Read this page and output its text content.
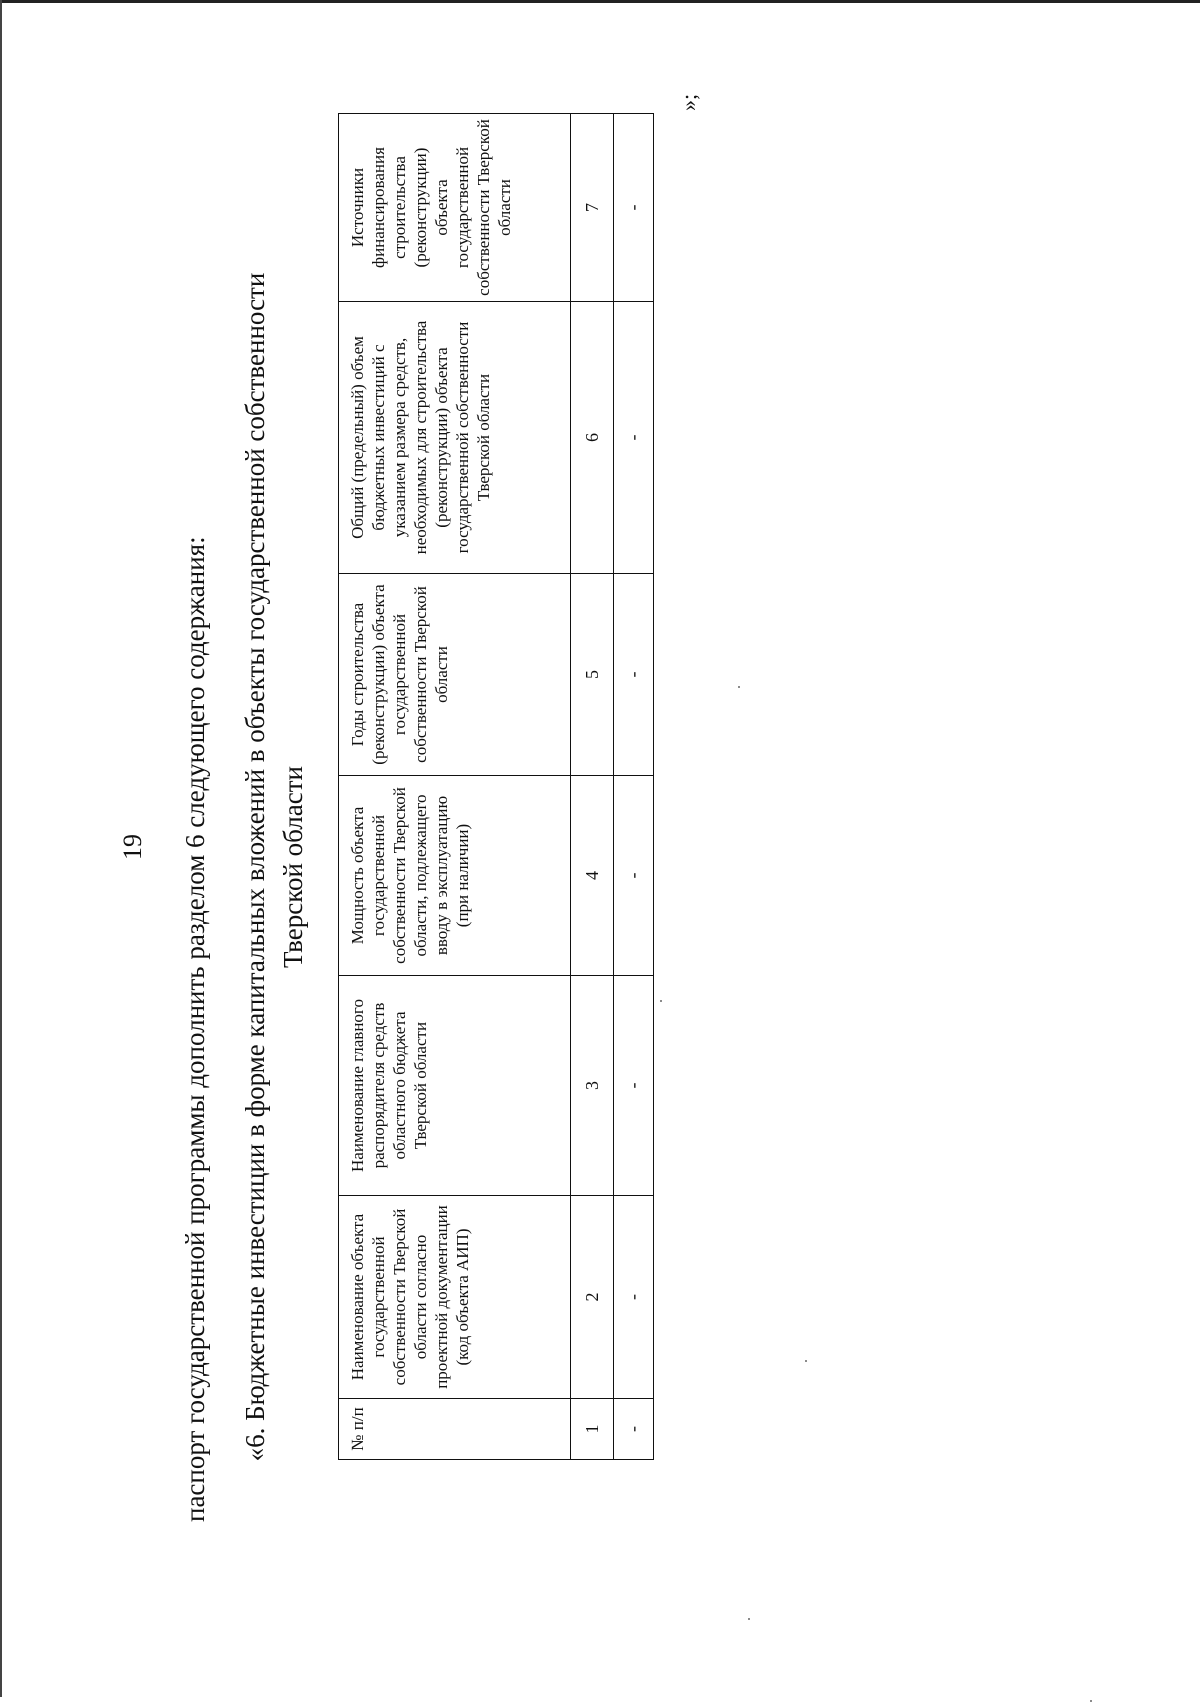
19 паспорт государственной программы дополнить разделом 6 следующего содержания: «6. Бюджетные инвестиции в форме капитальных вложений в объекты государственной собственности Тверской области
№ п/п	Наименование объекта государственной собственности Тверской области согласно проектной документации (код объекта АИП)	Наименование главного распорядителя средств областного бюджета Тверской области	Мощность объекта государственной собственности Тверской области, подлежащего вводу в эксплуатацию (при наличии)	Годы строительства (реконструкции) объекта государственной собственности Тверской области	Общий (предельный) объем бюджетных инвестиций с указанием размера средств, необходимых для строительства (реконструкции) объекта государственной собственности Тверской области	Источники финансирования строительства (реконструкции) объекта государственной собственности Тверской области
1	2	3	4	5	6	7
-	-	-	-	-	-	-
»;
